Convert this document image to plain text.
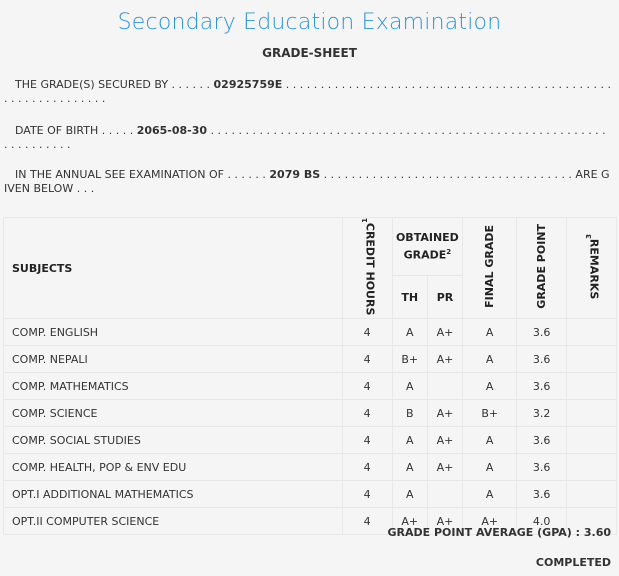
Secondary Education Examination
GRADE-SHEET
THE GRADE(S) SECURED BY . . . . . . 02925759E . . . . . . . . . . . . . . . . . . . . . . . . . . . . . . . . . . . . . . . . . . . . . . . . . . . . . . . . . . . . . .
DATE OF BIRTH . . . . . 2065-08-30 . . . . . . . . . . . . . . . . . . . . . . . . . . . . . . . . . . . . . . . . . . . . . . . . . . . . . . . . . . . . . . . . . . .
IN THE ANNUAL SEE EXAMINATION OF . . . . . . 2079 BS . . . . . . . . . . . . . . . . . . . . . . . . . . . . . . . . . . . . ARE GIVEN BELOW . . .
SUBJECTS	CREDIT HOURS$^1$	OBTAINED GRADE$^2$		FINAL GRADE	GRADE POINT	REMARKS$^3$
		TH	PR			
COMP. ENGLISH	4	A	A+	A	3.6	
COMP. NEPALI	4	B+	A+	A	3.6	
COMP. MATHEMATICS	4	A		A	3.6	
COMP. SCIENCE	4	B	A+	B+	3.2	
COMP. SOCIAL STUDIES	4	A	A+	A	3.6	
COMP. HEALTH, POP & ENV EDU	4	A	A+	A	3.6	
OPT.I ADDITIONAL MATHEMATICS	4	A		A	3.6	
OPT.II COMPUTER SCIENCE	4	A+	A+	A+	4.0	
GRADE POINT AVERAGE (GPA) : 3.60
COMPLETED
